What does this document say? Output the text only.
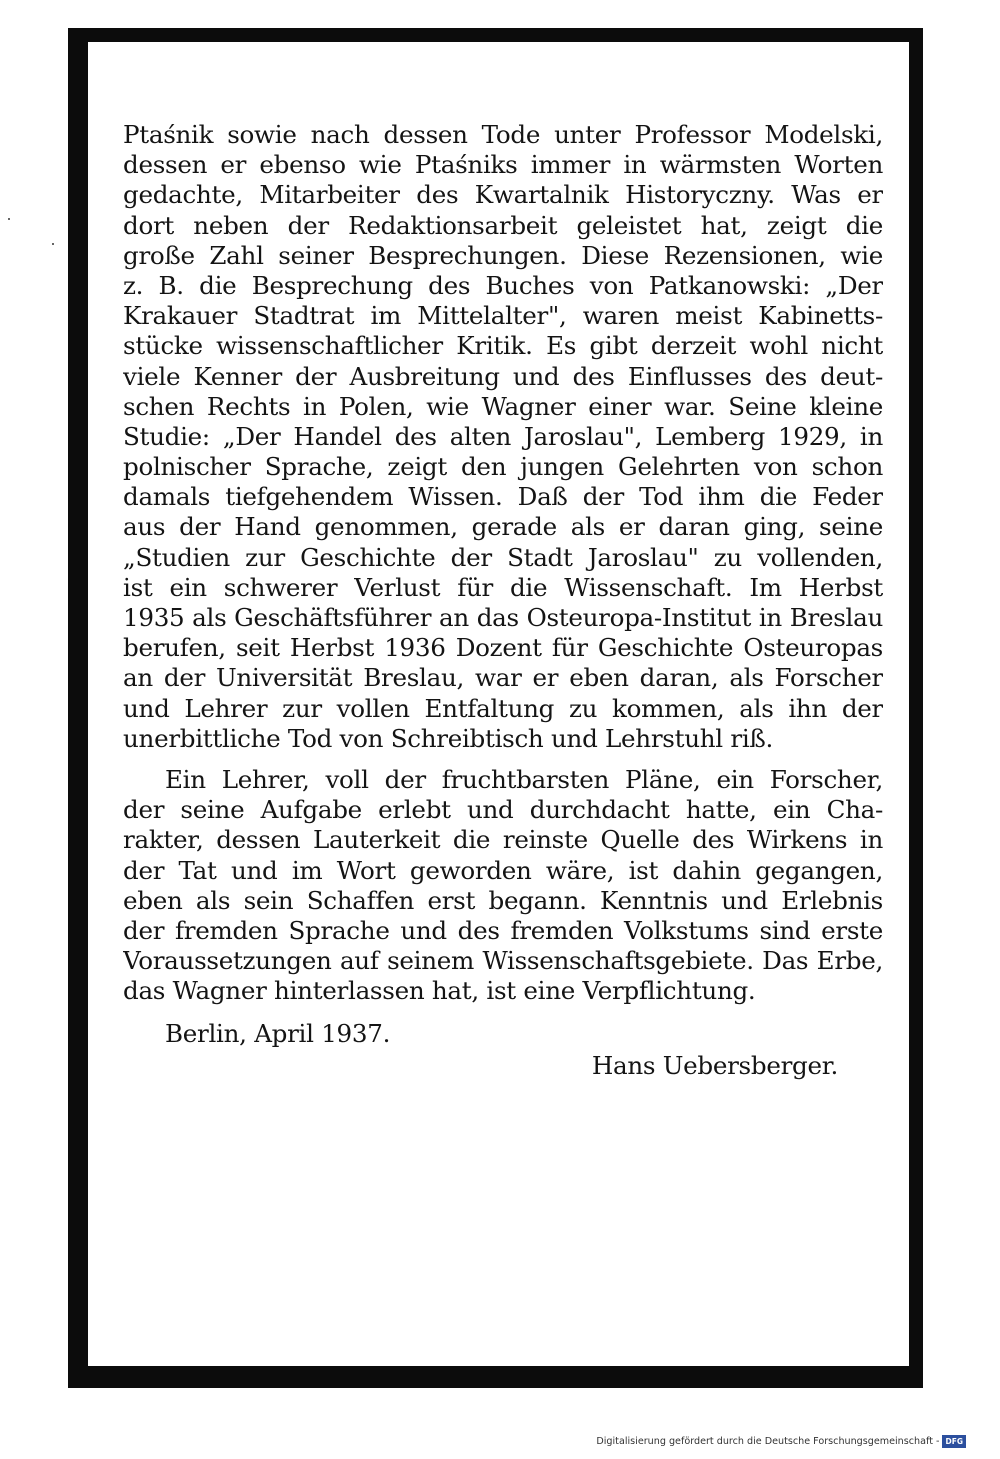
Ptaśnik sowie nach dessen Tode unter Professor Modelski,
dessen er ebenso wie Ptaśniks immer in wärmsten Worten
gedachte, Mitarbeiter des Kwartalnik Historyczny. Was er
dort neben der Redaktionsarbeit geleistet hat, zeigt die
große Zahl seiner Besprechungen. Diese Rezensionen, wie
z. B. die Besprechung des Buches von Patkanowski: „Der
Krakauer Stadtrat im Mittelalter", waren meist Kabinetts-
stücke wissenschaftlicher Kritik. Es gibt derzeit wohl nicht
viele Kenner der Ausbreitung und des Einflusses des deut-
schen Rechts in Polen, wie Wagner einer war. Seine kleine
Studie: „Der Handel des alten Jaroslau", Lemberg 1929, in
polnischer Sprache, zeigt den jungen Gelehrten von schon
damals tiefgehendem Wissen. Daß der Tod ihm die Feder
aus der Hand genommen, gerade als er daran ging, seine
„Studien zur Geschichte der Stadt Jaroslau" zu vollenden,
ist ein schwerer Verlust für die Wissenschaft. Im Herbst
1935 als Geschäftsführer an das Osteuropa-Institut in Breslau
berufen, seit Herbst 1936 Dozent für Geschichte Osteuropas
an der Universität Breslau, war er eben daran, als Forscher
und Lehrer zur vollen Entfaltung zu kommen, als ihn der
unerbittliche Tod von Schreibtisch und Lehrstuhl riß.
Ein Lehrer, voll der fruchtbarsten Pläne, ein Forscher,
der seine Aufgabe erlebt und durchdacht hatte, ein Cha-
rakter, dessen Lauterkeit die reinste Quelle des Wirkens in
der Tat und im Wort geworden wäre, ist dahin gegangen,
eben als sein Schaffen erst begann. Kenntnis und Erlebnis
der fremden Sprache und des fremden Volkstums sind erste
Voraussetzungen auf seinem Wissenschaftsgebiete. Das Erbe,
das Wagner hinterlassen hat, ist eine Verpflichtung.
Berlin, April 1937.
Hans Uebersberger.
Digitalisierung gefördert durch die Deutsche Forschungsgemeinschaft - DFG
